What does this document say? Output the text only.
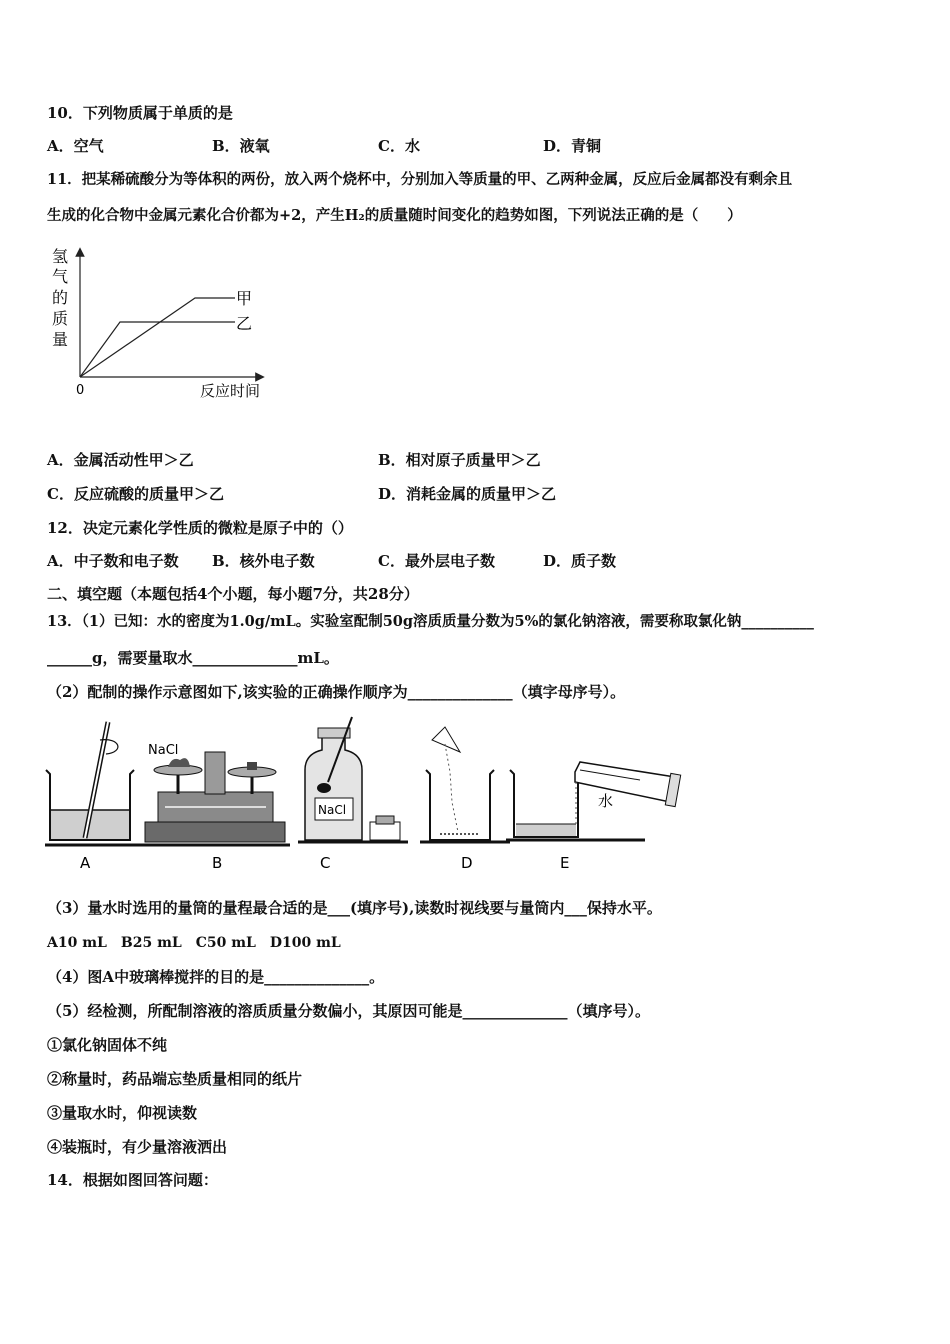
10．下列物质属于单质的是
A．空气	B．液氧	C．水	D．青铜
11．把某稀硫酸分为等体积的两份，放入两个烧杯中，分别加入等质量的甲、乙两种金属，反应后金属都没有剩余且
生成的化合物中金属元素化合价都为+2，产生H₂的质量随时间变化的趋势如图，下列说法正确的是（　　）
氢
气
的
质
量
0	反应时间
甲
乙
A．金属活动性甲＞乙	B．相对原子质量甲＞乙
C．反应硫酸的质量甲＞乙	D．消耗金属的质量甲＞乙
12．决定元素化学性质的微粒是原子中的（）
A．中子数和电子数 B．核外电子数	C．最外层电子数	D．质子数
二、填空题（本题包括4个小题，每小题7分，共28分）
13．（1）已知：水的密度为1.0g/mL。实验室配制50g溶质质量分数为5%的氯化钠溶液，需要称取氯化钠__________
______g，需要量取水______________mL。
（2）配制的操作示意图如下,该实验的正确操作顺序为______________（填字母序号）。
A
NaCl
B
NaCl
C	D
水
E
（3）量水时选用的量筒的量程最合适的是___(填序号),读数时视线要与量筒内___保持水平。
A10 mL　B25 mL　C50 mL　D100 mL
（4）图A中玻璃棒搅拌的目的是______________。
（5）经检测，所配制溶液的溶质质量分数偏小，其原因可能是______________（填序号）。
①氯化钠固体不纯
②称量时，药品端忘垫质量相同的纸片
③量取水时，仰视读数
④装瓶时，有少量溶液洒出
14．根据如图回答问题：
